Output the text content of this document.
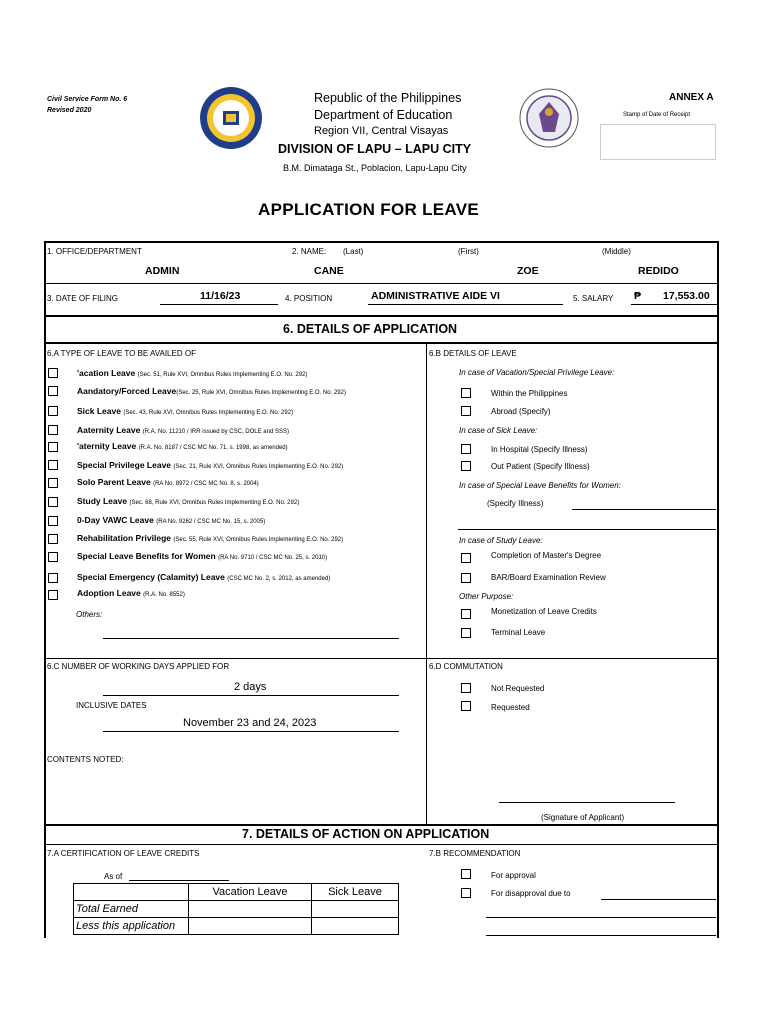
Civil Service Form No. 6
Revised 2020
Republic of the Philippines
Department of Education
Region VII, Central Visayas
DIVISION OF LAPU – LAPU CITY
B.M. Dimataga St., Poblacion, Lapu-Lapu City
ANNEX A
Stamp of Date of Receipt
APPLICATION FOR LEAVE
1. OFFICE/DEPARTMENT
ADMIN
2. NAME: (Last)	(First)	(Middle)
CANE	ZOE	REDIDO
3. DATE OF FILING	11/16/23	4. POSITION	ADMINISTRATIVE AIDE VI	5. SALARY ₱ 17,553.00
6. DETAILS OF APPLICATION
6.A TYPE OF LEAVE TO BE AVAILED OF
'acation Leave (Sec. 51, Rule XVI, Omnibus Rules Implementing E.O. No. 292)
Aandatory/Forced Leave(Sec. 25, Rule XVI, Omnibus Rules Implementing E.O. No. 292)
Sick Leave (Sec. 43, Rule XVI, Omnibus Rules Implementing E.O. No. 292)
Aaternity Leave (R.A. No. 11210 / IRR issued by CSC, DOLE and SSS)
'aternity Leave (R.A. No. 8187 / CSC MC No. 71, s. 1998, as amended)
Special Privilege Leave (Sec. 21, Rule XVI, Omnibus Rules Implementing E.O. No. 292)
Solo Parent Leave (RA No. 8972 / CSC MC No. 8, s. 2004)
Study Leave (Sec. 68, Rule XVI, Omnibus Rules Implementing E.O. No. 292)
0-Day VAWC Leave (RA No. 9262 / CSC MC No. 15, s. 2005)
Rehabilitation Privilege (Sec. 55, Rule XVI, Omnibus Rules Implementing E.O. No. 292)
Special Leave Benefits for Women (RA No. 9710 / CSC MC No. 25, s. 2010)
Special Emergency (Calamity) Leave (CSC MC No. 2, s. 2012, as amended)
Adoption Leave (R.A. No. 8552)
Others:
6.B DETAILS OF LEAVE
In case of Vacation/Special Privilege Leave:
Within the Philippines
Abroad (Specify)
In case of Sick Leave:
In Hospital (Specify Illness)
Out Patient (Specify Illness)
In case of Special Leave Benefits for Women:
(Specify Illness)
In case of Study Leave:
Completion of Master's Degree
BAR/Board Examination Review
Other Purpose:
Monetization of Leave Credits
Terminal Leave
6.C NUMBER OF WORKING DAYS APPLIED FOR
2 days
INCLUSIVE DATES
November 23 and 24, 2023
CONTENTS NOTED:
6.D COMMUTATION
Not Requested
Requested
(Signature of Applicant)
7. DETAILS OF ACTION ON APPLICATION
7.A CERTIFICATION OF LEAVE CREDITS
As of
	Vacation Leave	Sick Leave
Total Earned		
Less this application		
7.B RECOMMENDATION
For approval
For disapproval due to
